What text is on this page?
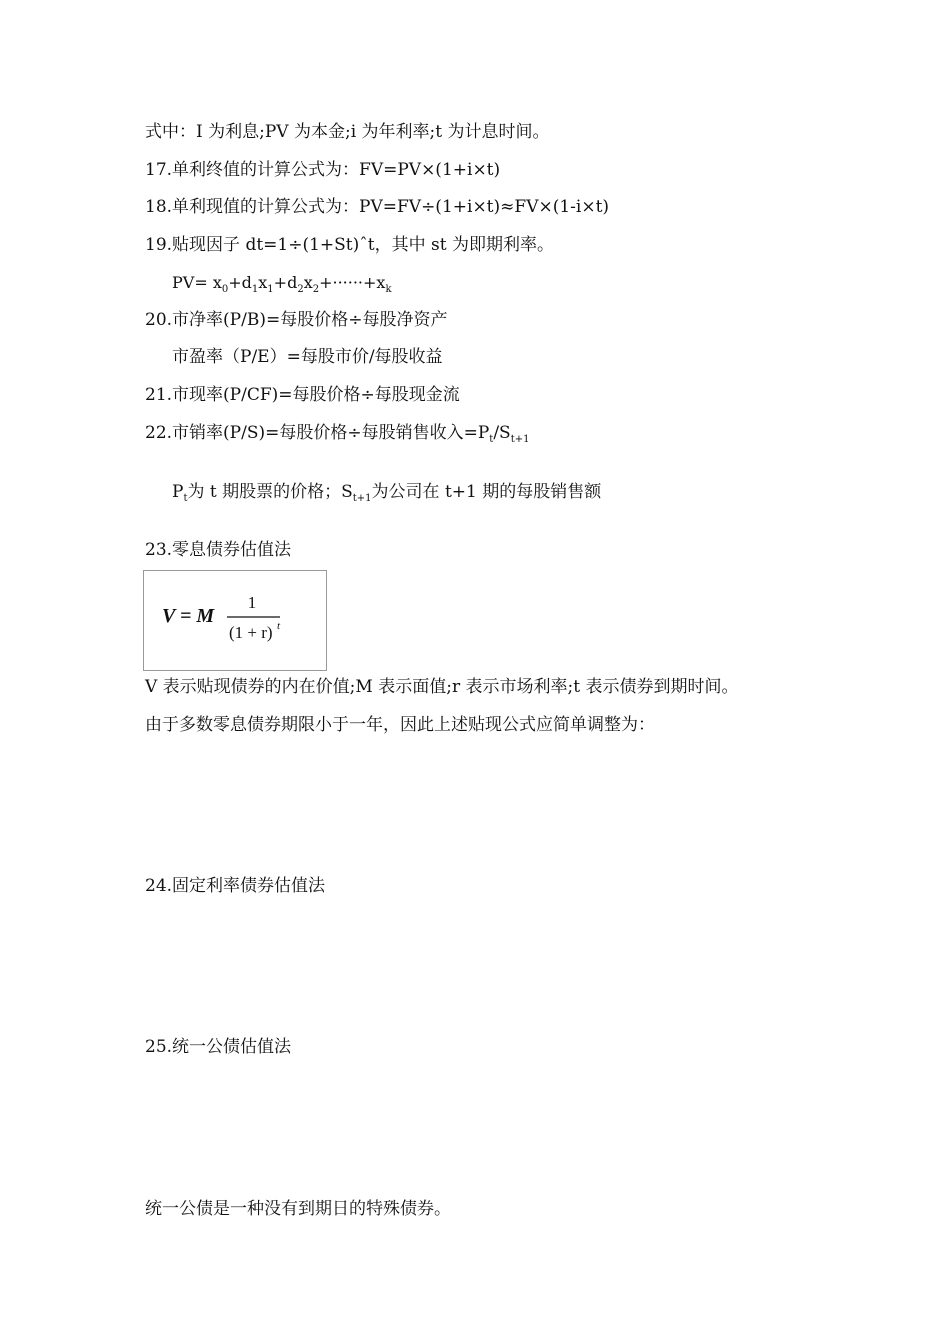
式中：I 为利息;PV 为本金;i 为年利率;t 为计息时间。
17.单利终值的计算公式为：FV=PV×(1+i×t)
18.单利现值的计算公式为：PV=FV÷(1+i×t)≈FV×(1-i×t)
19.贴现因子 dt=1÷(1+St)ˆt，其中 st 为即期利率。
$PV= x_0+d_1x_1+d_2x_2+\cdot\cdot\cdot\cdot\cdot\cdot+x_k$
20.市净率(P/B)=每股价格÷每股净资产
市盈率（P/E）=每股市价/每股收益
21.市现率(P/CF)=每股价格÷每股现金流
22.市销率(P/S)=每股价格÷每股销售收入$=P_t/S_{t+1}$
$P_t$为 t 期股票的价格；$S_{t+1}$为公司在 t+1 期的每股销售额
23.零息债券估值法
V = M
1
(1 + r) t
V 表示贴现债券的内在价值;M 表示面值;r 表示市场利率;t 表示债券到期时间。
由于多数零息债券期限小于一年，因此上述贴现公式应简单调整为：
24.固定利率债券估值法
25.统一公债估值法
统一公债是一种没有到期日的特殊债券。
